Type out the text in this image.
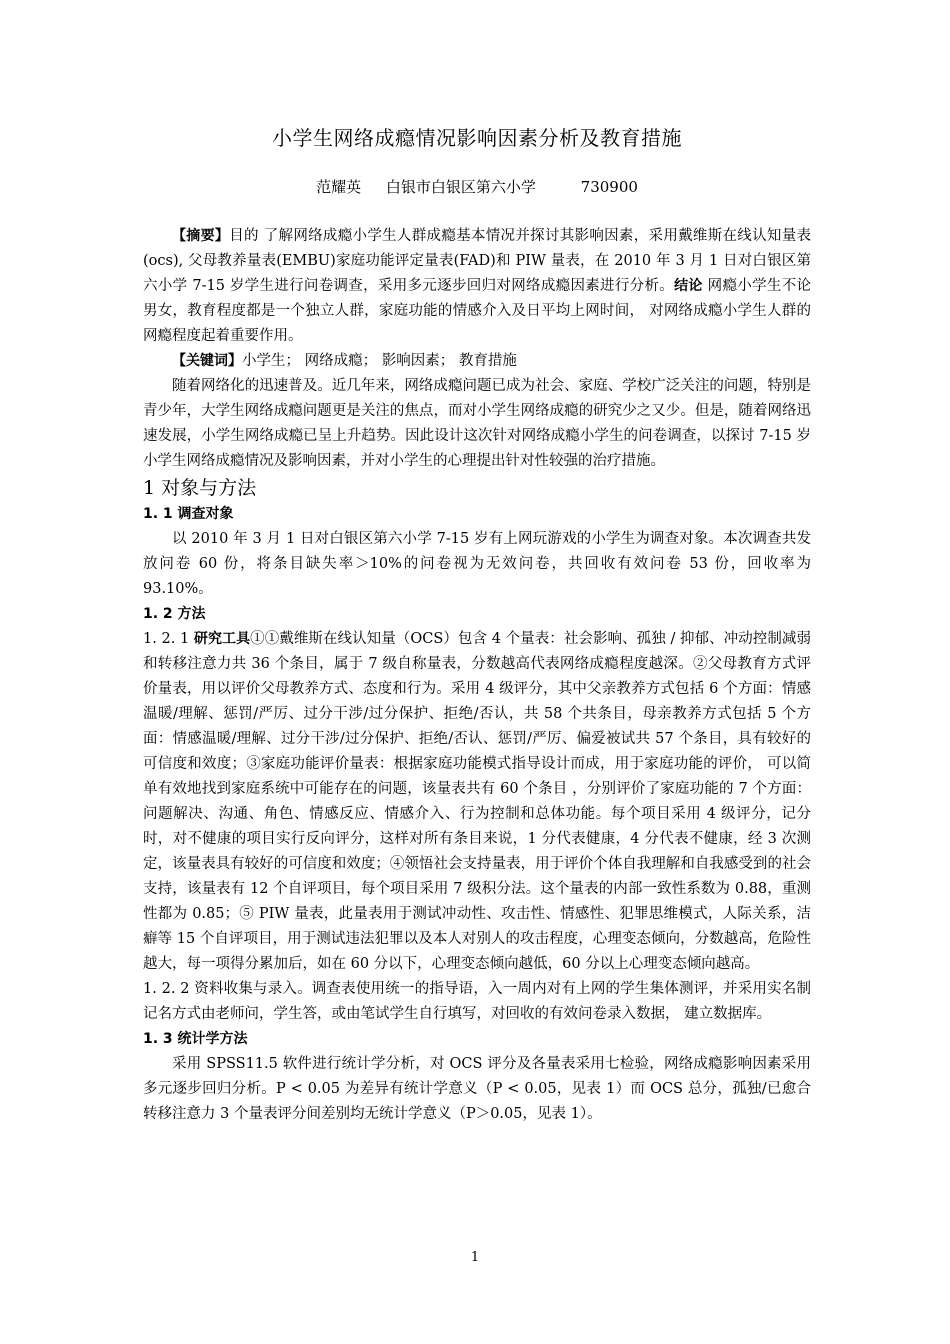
小学生网络成瘾情况影响因素分析及教育措施
范耀英 白银市白银区第六小学	730900

【摘要】目的 了解网络成瘾小学生人群成瘾基本情况并探讨其影响因素，采用戴维斯在线认知量表(ocs), 父母教养量表(EMBU)家庭功能评定量表(FAD)和 PIW 量表，在 2010 年 3 月 1 日对白银区第六小学 7-15 岁学生进行问卷调查，采用多元逐步回归对网络成瘾因素进行分析。结论 网瘾小学生不论男女，教育程度都是一个独立人群，家庭功能的情感介入及日平均上网时间， 对网络成瘾小学生人群的网瘾程度起着重要作用。

【关键词】小学生； 网络成瘾； 影响因素； 教育措施

随着网络化的迅速普及。近几年来，网络成瘾问题已成为社会、家庭、学校广泛关注的问题，特别是青少年，大学生网络成瘾问题更是关注的焦点，而对小学生网络成瘾的研究少之又少。但是，随着网络迅速发展，小学生网络成瘾已呈上升趋势。因此设计这次针对网络成瘾小学生的问卷调查，以探讨 7-15 岁小学生网络成瘾情况及影响因素，并对小学生的心理提出针对性较强的治疗措施。

1 对象与方法

1. 1 调查对象

以 2010 年 3 月 1 日对白银区第六小学 7-15 岁有上网玩游戏的小学生为调查对象。本次调查共发放问卷 60 份，将条目缺失率＞10%的问卷视为无效问卷，共回收有效问卷 53 份，回收率为 93.10%。

1. 2 方法

1. 2. 1 研究工具①①戴维斯在线认知量（OCS）包含 4 个量表：社会影响、孤独 / 抑郁、冲动控制减弱和转移注意力共 36 个条目，属于 7 级自称量表，分数越高代表网络成瘾程度越深。②父母教育方式评价量表，用以评价父母教养方式、态度和行为。采用 4 级评分，其中父亲教养方式包括 6 个方面：情感温暖/理解、惩罚/严厉、过分干涉/过分保护、拒绝/否认，共 58 个共条目，母亲教养方式包括 5 个方面：情感温暖/理解、过分干涉/过分保护、拒绝/否认、惩罚/严厉、偏爱被试共 57 个条目，具有较好的可信度和效度；③家庭功能评价量表：根据家庭功能模式指导设计而成，用于家庭功能的评价， 可以简单有效地找到家庭系统中可能存在的问题，该量表共有 60 个条目 ，分别评价了家庭功能的 7 个方面：问题解决、沟通、角色、情感反应、情感介入、行为控制和总体功能。每个项目采用 4 级评分，记分时，对不健康的项目实行反向评分，这样对所有条目来说，1 分代表健康，4 分代表不健康，经 3 次测定，该量表具有较好的可信度和效度；④领悟社会支持量表，用于评价个体自我理解和自我感受到的社会支持，该量表有 12 个自评项目，每个项目采用 7 级积分法。这个量表的内部一致性系数为 0.88，重测性都为 0.85；⑤ PIW 量表，此量表用于测试冲动性、攻击性、情感性、犯罪思维模式，人际关系，洁癖等 15 个自评项目，用于测试违法犯罪以及本人对别人的攻击程度，心理变态倾向，分数越高，危险性越大，每一项得分累加后，如在 60 分以下，心理变态倾向越低，60 分以上心理变态倾向越高。

1. 2. 2 资料收集与录入。调查表使用统一的指导语，入一周内对有上网的学生集体测评，并采用实名制记名方式由老师问，学生答，或由笔试学生自行填写，对回收的有效问卷录入数据， 建立数据库。

1. 3 统计学方法

采用 SPSS11.5 软件进行统计学分析，对 OCS 评分及各量表采用七检验，网络成瘾影响因素采用多元逐步回归分析。P < 0.05 为差异有统计学意义（P < 0.05，见表 1）而 OCS 总分，孤独/已愈合转移注意力 3 个量表评分间差别均无统计学意义（P＞0.05，见表 1）。

1
